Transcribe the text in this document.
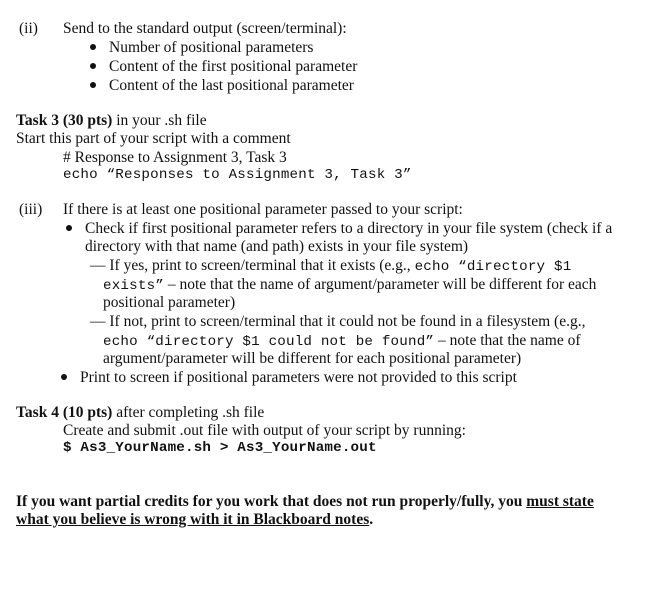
(ii) Send to the standard output (screen/terminal):
Number of positional parameters
Content of the first positional parameter
Content of the last positional parameter
Task 3 (30 pts) in your .sh file
Start this part of your script with a comment
# Response to Assignment 3, Task 3
echo “Responses to Assignment 3, Task 3”
(iii) If there is at least one positional parameter passed to your script:
Check if first positional parameter refers to a directory in your file system (check if a
directory with that name (and path) exists in your file system)
— If yes, print to screen/terminal that it exists (e.g., echo “directory $1
exists” – note that the name of argument/parameter will be different for each
positional parameter)
— If not, print to screen/terminal that it could not be found in a filesystem (e.g.,
echo “directory $1 could not be found” – note that the name of
argument/parameter will be different for each positional parameter)
Print to screen if positional parameters were not provided to this script
Task 4 (10 pts) after completing .sh file
Create and submit .out file with output of your script by running:
$ As3_YourName.sh > As3_YourName.out
If you want partial credits for you work that does not run properly/fully, you must state
what you believe is wrong with it in Blackboard notes.
